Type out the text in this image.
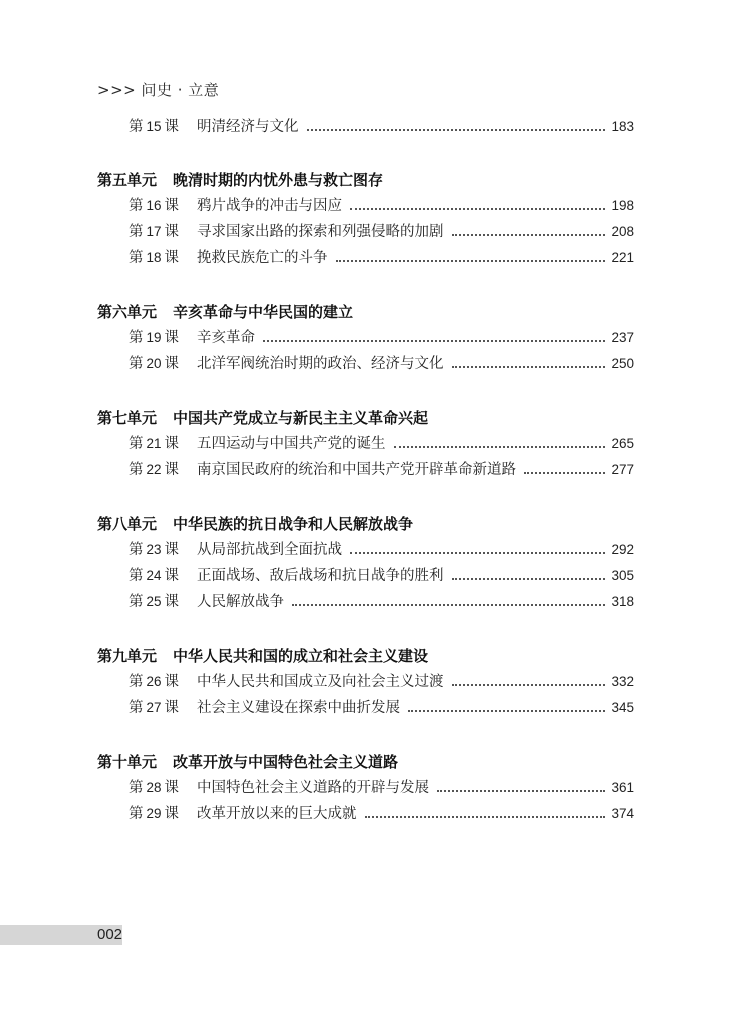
>>> 问史 · 立意
第 15 课	明清经济与文化	183
第五单元	晚清时期的内忧外患与救亡图存
第 16 课	鸦片战争的冲击与因应	198
第 17 课	寻求国家出路的探索和列强侵略的加剧	208
第 18 课	挽救民族危亡的斗争	221
第六单元	辛亥革命与中华民国的建立
第 19 课	辛亥革命	237
第 20 课	北洋军阀统治时期的政治、经济与文化	250
第七单元	中国共产党成立与新民主主义革命兴起
第 21 课	五四运动与中国共产党的诞生	265
第 22 课	南京国民政府的统治和中国共产党开辟革命新道路	277
第八单元	中华民族的抗日战争和人民解放战争
第 23 课	从局部抗战到全面抗战	292
第 24 课	正面战场、敌后战场和抗日战争的胜利	305
第 25 课	人民解放战争	318
第九单元	中华人民共和国的成立和社会主义建设
第 26 课	中华人民共和国成立及向社会主义过渡	332
第 27 课	社会主义建设在探索中曲折发展	345
第十单元	改革开放与中国特色社会主义道路
第 28 课	中国特色社会主义道路的开辟与发展	361
第 29 课	改革开放以来的巨大成就	374
002
